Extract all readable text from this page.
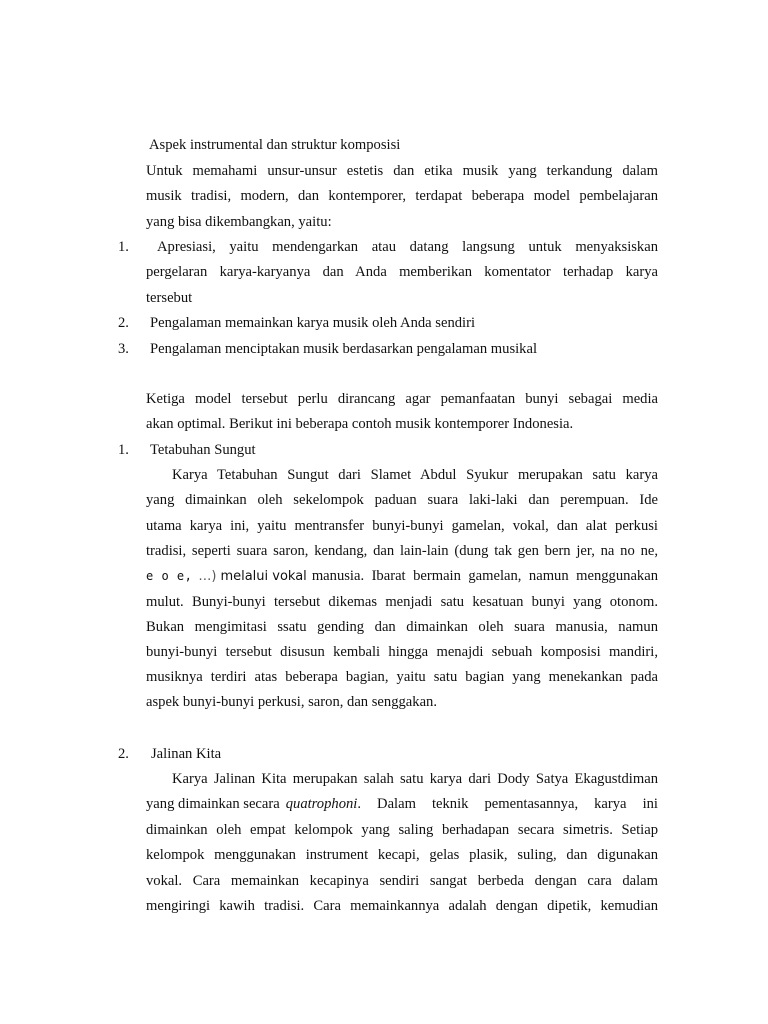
Aspek instrumental dan struktur komposisi
Untuk memahami unsur-unsur estetis dan etika musik yang terkandung dalam
musik tradisi, modern, dan kontemporer, terdapat beberapa model pembelajaran
yang bisa dikembangkan, yaitu:
1. Apresiasi, yaitu mendengarkan atau datang langsung untuk menyaksiskan
pergelaran karya-karyanya dan Anda memberikan komentator terhadap karya
tersebut
2. Pengalaman memainkan karya musik oleh Anda sendiri
3. Pengalaman menciptakan musik berdasarkan pengalaman musikal
Ketiga model tersebut perlu dirancang agar pemanfaatan bunyi sebagai media
akan optimal. Berikut ini beberapa contoh musik kontemporer Indonesia.
1. Tetabuhan Sungut
Karya Tetabuhan Sungut dari Slamet Abdul Syukur merupakan satu karya
yang dimainkan oleh sekelompok paduan suara laki-laki dan perempuan. Ide
utama karya ini, yaitu mentransfer bunyi-bunyi gamelan, vokal, dan alat perkusi
tradisi, seperti suara saron, kendang, dan lain-lain (dung tak gen bern jer, na no ne,
e o e, …) melalui vokal manusia. Ibarat bermain gamelan, namun menggunakan
mulut. Bunyi-bunyi tersebut dikemas menjadi satu kesatuan bunyi yang otonom.
Bukan mengimitasi ssatu gending dan dimainkan oleh suara manusia, namun
bunyi-bunyi tersebut disusun kembali hingga menajdi sebuah komposisi mandiri,
musiknya terdiri atas beberapa bagian, yaitu satu bagian yang menekankan pada
aspek bunyi-bunyi perkusi, saron, dan senggakan.
2. Jalinan Kita
Karya Jalinan Kita merupakan salah satu karya dari Dody Satya Ekagustdiman
yang dimainkan secara quatrophoni . Dalam teknik pementasannya, karya ini
dimainkan oleh empat kelompok yang saling berhadapan secara simetris. Setiap
kelompok menggunakan instrument kecapi, gelas plasik, suling, dan digunakan
vokal. Cara memainkan kecapinya sendiri sangat berbeda dengan cara dalam
mengiringi kawih tradisi. Cara memainkannya adalah dengan dipetik, kemudian
